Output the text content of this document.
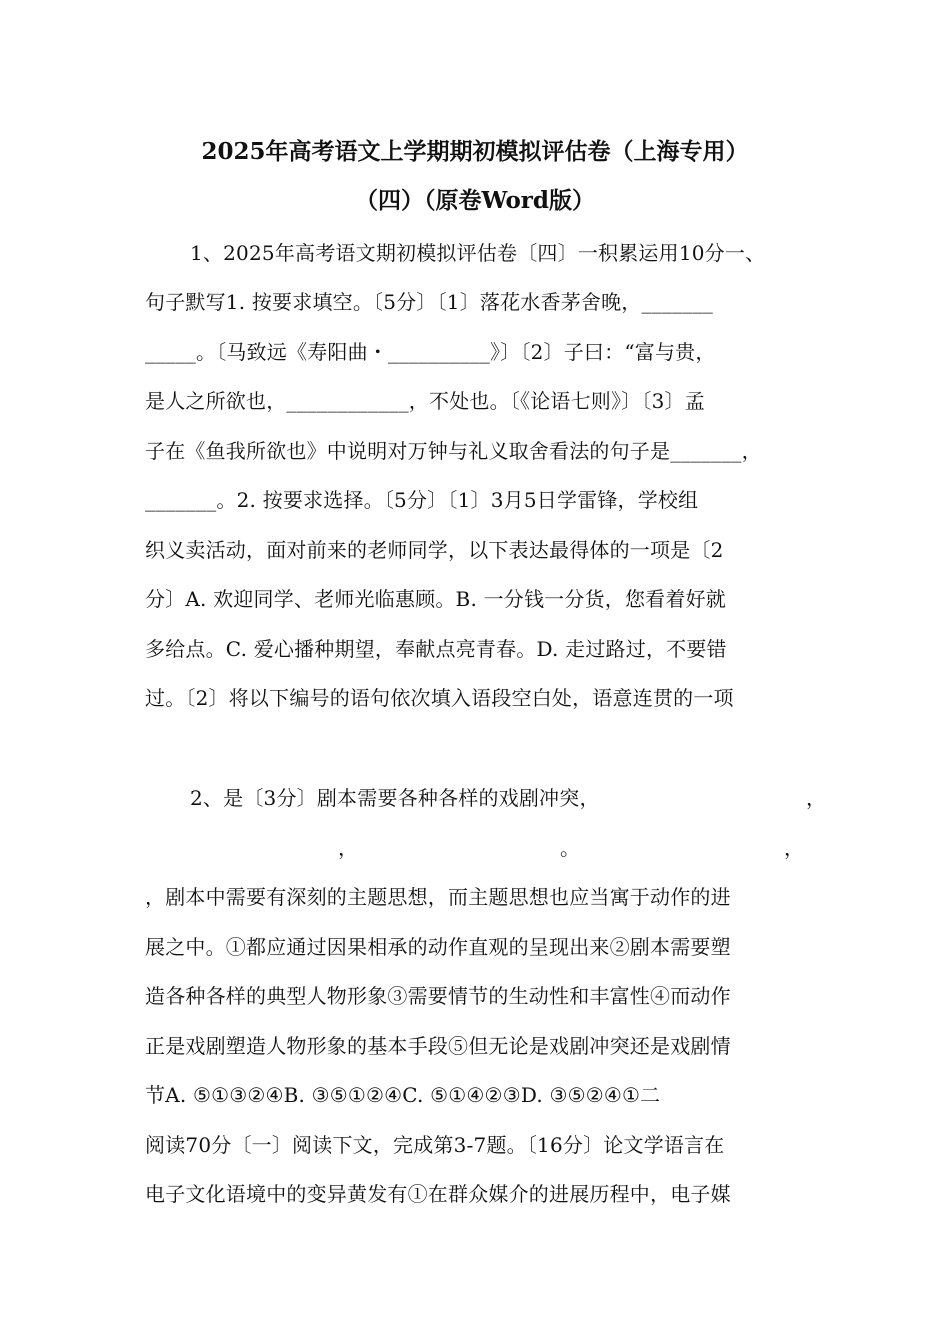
2025年高考语文上学期期初模拟评估卷（上海专用）
（四）（原卷Word版）
1、2025年高考语文期初模拟评估卷〔四〕一积累运用10分一、
句子默写1. 按要求填空。〔5分〕〔1〕落花水香茅舍晚，_______
_____。〔马致远《寿阳曲・__________》〕〔2〕子曰：“富与贵，
是人之所欲也，____________，不处也。〔《论语七则》〕〔3〕孟
子在《鱼我所欲也》中说明对万钟与礼义取舍看法的句子是_______，
_______。2. 按要求选择。〔5分〕〔1〕3月5日学雷锋，学校组
织义卖活动，面对前来的老师同学，以下表达最得体的一项是〔2
分〕A. 欢迎同学、老师光临惠顾。B. 一分钱一分货，您看着好就
多给点。C. 爱心播种期望，奉献点亮青春。D. 走过路过，不要错
过。〔2〕将以下编号的语句依次填入语段空白处，语意连贯的一项
2、是〔3分〕剧本需要各种各样的戏剧冲突，	，
，	。	，
，剧本中需要有深刻的主题思想，而主题思想也应当寓于动作的进
展之中。①都应通过因果相承的动作直观的呈现出来②剧本需要塑
造各种各样的典型人物形象③需要情节的生动性和丰富性④而动作
正是戏剧塑造人物形象的基本手段⑤但无论是戏剧冲突还是戏剧情
节A. ⑤①③②④B. ③⑤①②④C. ⑤①④②③D. ③⑤②④①二
阅读70分〔一〕阅读下文，完成第3-7题。〔16分〕论文学语言在
电子文化语境中的变异黄发有①在群众媒介的进展历程中，电子媒
